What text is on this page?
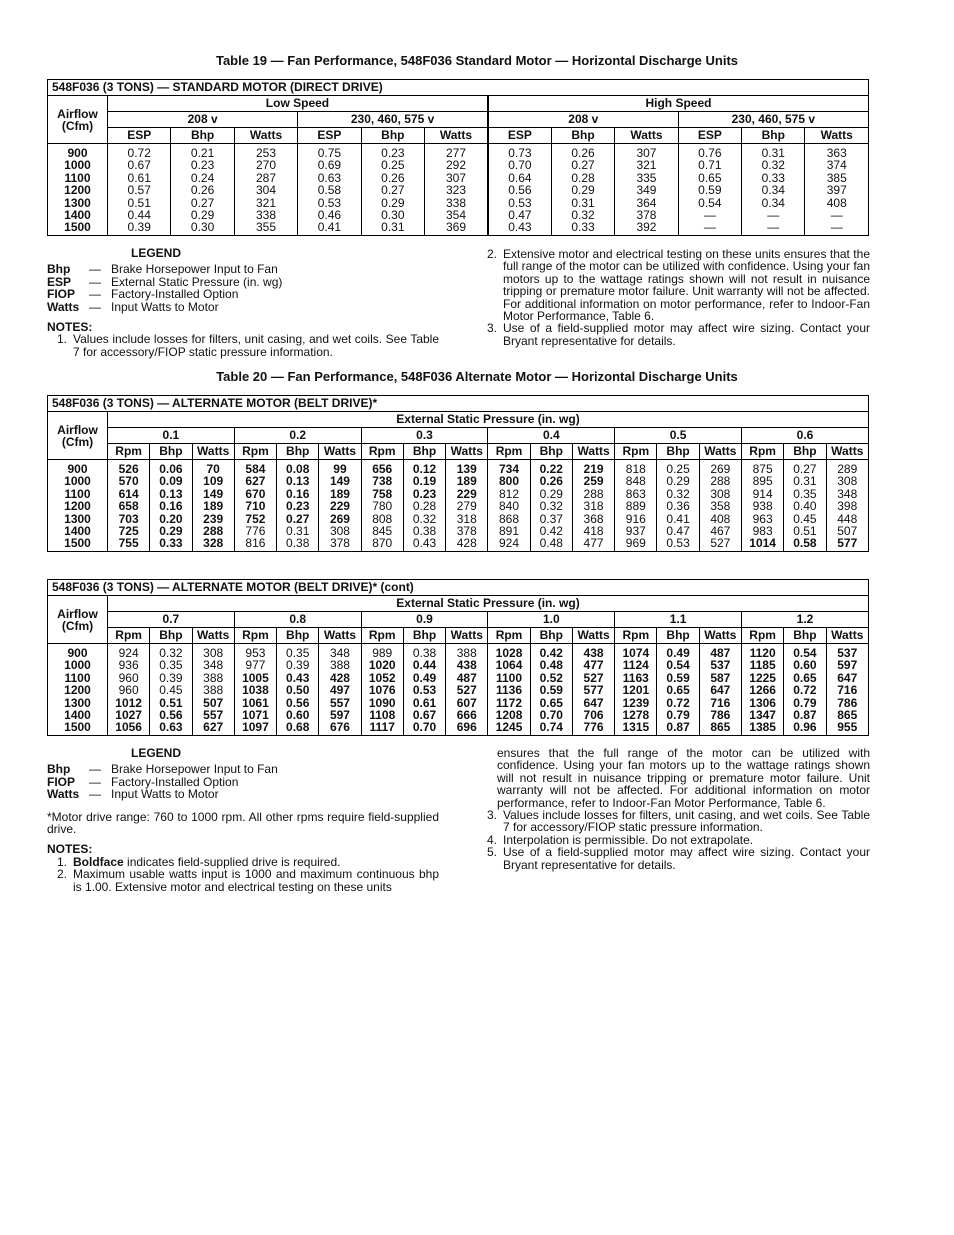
Table 19 — Fan Performance, 548F036 Standard Motor — Horizontal Discharge Units
548F036 (3 TONS) — STANDARD MOTOR (DIRECT DRIVE)												
Airflow
(Cfm)	Low Speed						High Speed					
	208 v			230, 460, 575 v			208 v			230, 460, 575 v		
	ESP	Bhp	Watts	ESP	Bhp	Watts	ESP	Bhp	Watts	ESP	Bhp	Watts
900	0.72	0.21	253	0.75	0.23	277	0.73	0.26	307	0.76	0.31	363
1000	0.67	0.23	270	0.69	0.25	292	0.70	0.27	321	0.71	0.32	374
1100	0.61	0.24	287	0.63	0.26	307	0.64	0.28	335	0.65	0.33	385
1200	0.57	0.26	304	0.58	0.27	323	0.56	0.29	349	0.59	0.34	397
1300	0.51	0.27	321	0.53	0.29	338	0.53	0.31	364	0.54	0.34	408
1400	0.44	0.29	338	0.46	0.30	354	0.47	0.32	378	—	—	—
1500	0.39	0.30	355	0.41	0.31	369	0.43	0.33	392	—	—	—
LEGEND
Bhp	— Brake Horsepower Input to Fan
ESP	— External Static Pressure (in. wg)
FIOP	— Factory-Installed Option
Watts — Input Watts to Motor
NOTES:
1. Values include losses for filters, unit casing, and wet coils. See Table 7 for accessory/FIOP static pressure information.
2. Extensive motor and electrical testing on these units ensures that the full range of the motor can be utilized with confidence. Using your fan motors up to the wattage ratings shown will not result in nuisance tripping or premature motor failure. Unit warranty will not be affected. For additional information on motor performance, refer to Indoor-Fan Motor Performance, Table 6.
3. Use of a field-supplied motor may affect wire sizing. Contact your Bryant representative for details.
Table 20 — Fan Performance, 548F036 Alternate Motor — Horizontal Discharge Units
548F036 (3 TONS) — ALTERNATE MOTOR (BELT DRIVE)*																		
Airflow
(Cfm)	External Static Pressure (in. wg)																	
	0.1			0.2			0.3			0.4			0.5			0.6		
	Rpm	Bhp	Watts	Rpm	Bhp	Watts	Rpm	Bhp	Watts	Rpm	Bhp	Watts	Rpm	Bhp	Watts	Rpm	Bhp	Watts
900	526	0.06	70	584	0.08	99	656	0.12	139	734	0.22	219	818	0.25	269	875	0.27	289
1000	570	0.09	109	627	0.13	149	738	0.19	189	800	0.26	259	848	0.29	288	895	0.31	308
1100	614	0.13	149	670	0.16	189	758	0.23	229	812	0.29	288	863	0.32	308	914	0.35	348
1200	658	0.16	189	710	0.23	229	780	0.28	279	840	0.32	318	889	0.36	358	938	0.40	398
1300	703	0.20	239	752	0.27	269	808	0.32	318	868	0.37	368	916	0.41	408	963	0.45	448
1400	725	0.29	288	776	0.31	308	845	0.38	378	891	0.42	418	937	0.47	467	983	0.51	507
1500	755	0.33	328	816	0.38	378	870	0.43	428	924	0.48	477	969	0.53	527	1014	0.58	577
548F036 (3 TONS) — ALTERNATE MOTOR (BELT DRIVE)* (cont)																		
Airflow
(Cfm)	External Static Pressure (in. wg)																	
	0.7			0.8			0.9			1.0			1.1			1.2		
	Rpm	Bhp	Watts	Rpm	Bhp	Watts	Rpm	Bhp	Watts	Rpm	Bhp	Watts	Rpm	Bhp	Watts	Rpm	Bhp	Watts
900	924	0.32	308	953	0.35	348	989	0.38	388	1028	0.42	438	1074	0.49	487	1120	0.54	537
1000	936	0.35	348	977	0.39	388	1020	0.44	438	1064	0.48	477	1124	0.54	537	1185	0.60	597
1100	960	0.39	388	1005	0.43	428	1052	0.49	487	1100	0.52	527	1163	0.59	587	1225	0.65	647
1200	960	0.45	388	1038	0.50	497	1076	0.53	527	1136	0.59	577	1201	0.65	647	1266	0.72	716
1300	1012	0.51	507	1061	0.56	557	1090	0.61	607	1172	0.65	647	1239	0.72	716	1306	0.79	786
1400	1027	0.56	557	1071	0.60	597	1108	0.67	666	1208	0.70	706	1278	0.79	786	1347	0.87	865
1500	1056	0.63	627	1097	0.68	676	1117	0.70	696	1245	0.74	776	1315	0.87	865	1385	0.96	955
LEGEND
Bhp	— Brake Horsepower Input to Fan
FIOP	— Factory-Installed Option
Watts — Input Watts to Motor
*Motor drive range: 760 to 1000 rpm. All other rpms require field-supplied drive.
NOTES:
1. Boldface indicates field-supplied drive is required.
2. Maximum usable watts input is 1000 and maximum continuous bhp is 1.00. Extensive motor and electrical testing on these units
ensures that the full range of the motor can be utilized with confidence. Using your fan motors up to the wattage ratings shown will not result in nuisance tripping or premature motor failure. Unit warranty will not be affected. For additional information on motor performance, refer to Indoor-Fan Motor Performance, Table 6.
3. Values include losses for filters, unit casing, and wet coils. See Table 7 for accessory/FIOP static pressure information.
4. Interpolation is permissible. Do not extrapolate.
5. Use of a field-supplied motor may affect wire sizing. Contact your Bryant representative for details.
